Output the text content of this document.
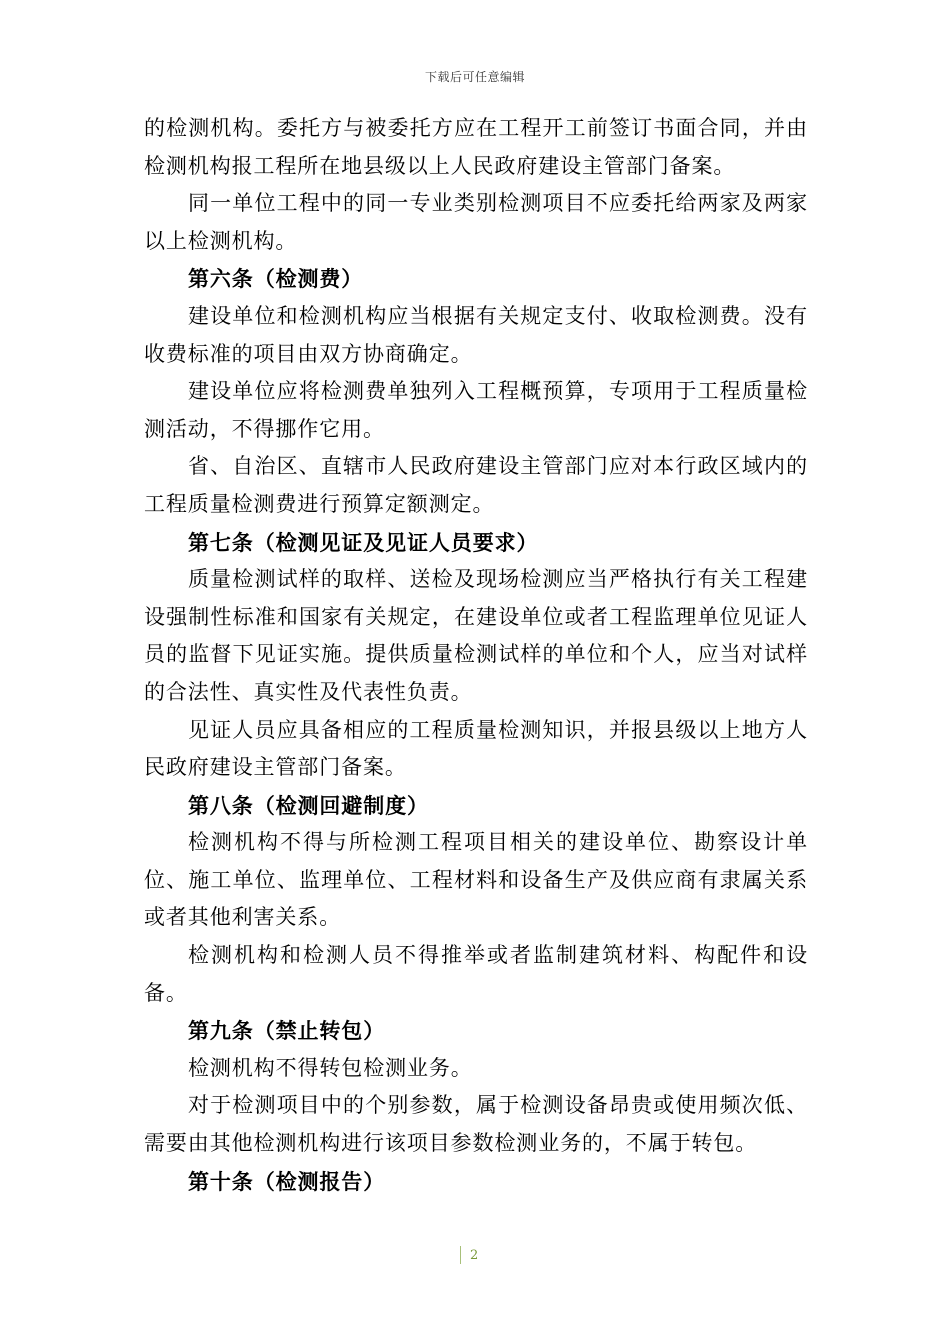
下载后可任意编辑

的检测机构。委托方与被委托方应在工程开工前签订书面合同，并由检测机构报工程所在地县级以上人民政府建设主管部门备案。

同一单位工程中的同一专业类别检测项目不应委托给两家及两家以上检测机构。

第六条（检测费）

建设单位和检测机构应当根据有关规定支付、收取检测费。没有收费标准的项目由双方协商确定。

建设单位应将检测费单独列入工程概预算，专项用于工程质量检测活动，不得挪作它用。

省、自治区、直辖市人民政府建设主管部门应对本行政区域内的工程质量检测费进行预算定额测定。

第七条（检测见证及见证人员要求）

质量检测试样的取样、送检及现场检测应当严格执行有关工程建设强制性标准和国家有关规定，在建设单位或者工程监理单位见证人员的监督下见证实施。提供质量检测试样的单位和个人，应当对试样的合法性、真实性及代表性负责。

见证人员应具备相应的工程质量检测知识，并报县级以上地方人民政府建设主管部门备案。

第八条（检测回避制度）

检测机构不得与所检测工程项目相关的建设单位、勘察设计单位、施工单位、监理单位、工程材料和设备生产及供应商有隶属关系或者其他利害关系。

检测机构和检测人员不得推举或者监制建筑材料、构配件和设备。

第九条（禁止转包）

检测机构不得转包检测业务。

对于检测项目中的个别参数，属于检测设备昂贵或使用频次低、需要由其他检测机构进行该项目参数检测业务的，不属于转包。

第十条（检测报告）

2
